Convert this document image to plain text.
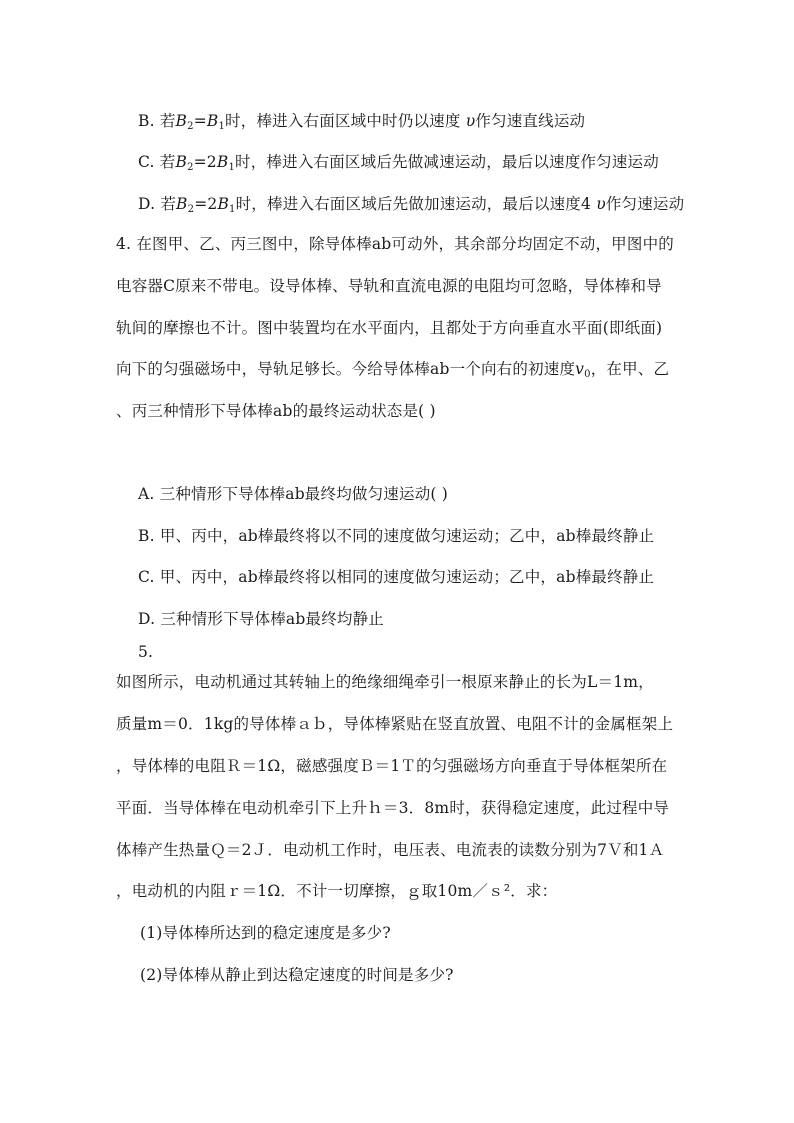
B. 若$B_2=B_1$时，棒进入右面区域中时仍以速度 υ作匀速直线运动
C. 若$B_2=2B_1$时，棒进入右面区域后先做减速运动，最后以速度作匀速运动
D. 若$B_2=2B_1$时，棒进入右面区域后先做加速运动，最后以速度4 υ作匀速运动
4. 在图甲、乙、丙三图中，除导体棒ab可动外，其余部分均固定不动，甲图中的
电容器C原来不带电。设导体棒、导轨和直流电源的电阻均可忽略，导体棒和导
轨间的摩擦也不计。图中装置均在水平面内，且都处于方向垂直水平面(即纸面)
向下的匀强磁场中，导轨足够长。今给导体棒ab一个向右的初速度$v_0$，在甲、乙
、丙三种情形下导体棒ab的最终运动状态是( )
A. 三种情形下导体棒ab最终均做匀速运动( )
B. 甲、丙中，ab棒最终将以不同的速度做匀速运动；乙中，ab棒最终静止
C. 甲、丙中，ab棒最终将以相同的速度做匀速运动；乙中，ab棒最终静止
D. 三种情形下导体棒ab最终均静止
5.
如图所示，电动机通过其转轴上的绝缘细绳牵引一根原来静止的长为L＝1m，
质量m＝0．1kg的导体棒ａｂ，导体棒紧贴在竖直放置、电阻不计的金属框架上
，导体棒的电阻Ｒ＝1Ω，磁感强度Ｂ＝1Ｔ的匀强磁场方向垂直于导体框架所在
平面．当导体棒在电动机牵引下上升ｈ＝3．8m时，获得稳定速度，此过程中导
体棒产生热量Ｑ＝2Ｊ．电动机工作时，电压表、电流表的读数分别为7Ｖ和1Ａ
，电动机的内阻ｒ＝1Ω．不计一切摩擦，ｇ取10m／ｓ²．求：
(1)导体棒所达到的稳定速度是多少?
(2)导体棒从静止到达稳定速度的时间是多少?
